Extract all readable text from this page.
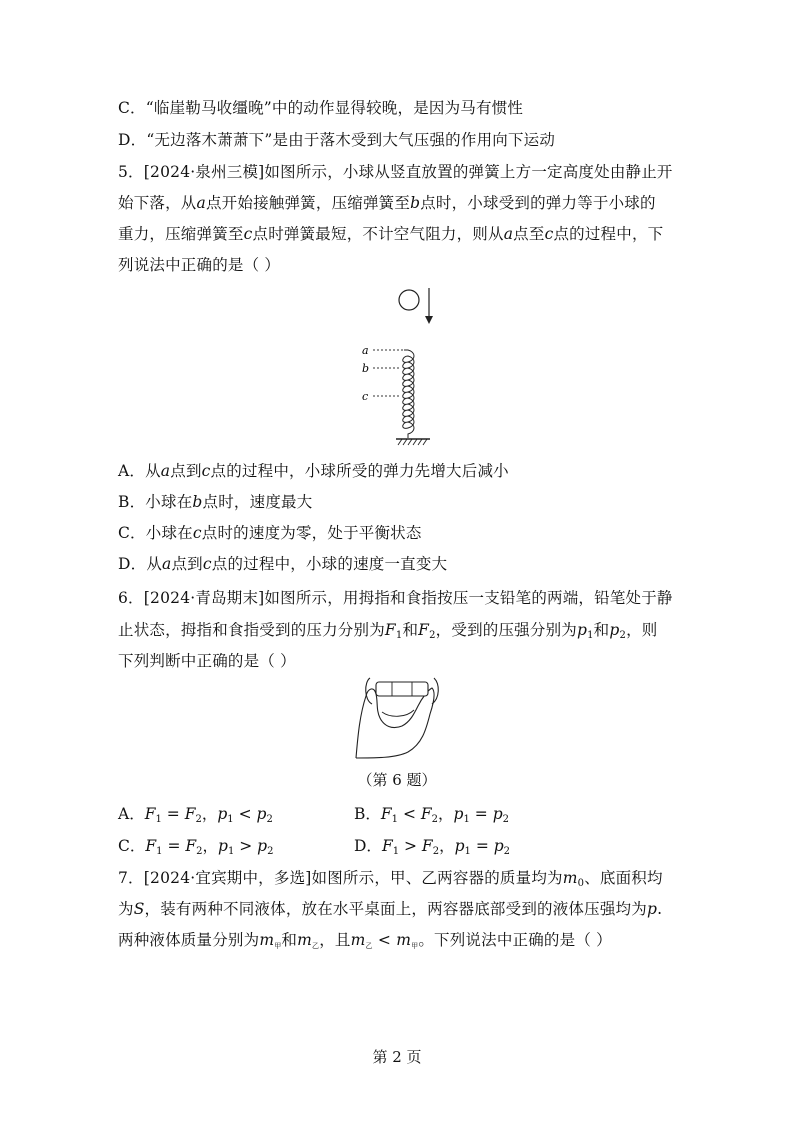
C．“临崖勒马收缰晚”中的动作显得较晚，是因为马有惯性
D．“无边落木萧萧下”是由于落木受到大气压强的作用向下运动
5．[2024·泉州三模]如图所示，小球从竖直放置的弹簧上方一定高度处由静止开
始下落，从a点开始接触弹簧，压缩弹簧至b点时，小球受到的弹力等于小球的
重力，压缩弹簧至c点时弹簧最短，不计空气阻力，则从a点至c点的过程中，下
列说法中正确的是（ ）
a
b
c
A．从a点到c点的过程中，小球所受的弹力先增大后减小
B．小球在b点时，速度最大
C．小球在c点时的速度为零，处于平衡状态
D．从a点到c点的过程中，小球的速度一直变大
6．[2024·青岛期末]如图所示，用拇指和食指按压一支铅笔的两端，铅笔处于静
止状态，拇指和食指受到的压力分别为$F_1$和$F_2$，受到的压强分别为$p_1$和$p_2$，则
下列判断中正确的是（ ）
（第 6 题）
A．$F_1 = F_2$，$p_1 < p_2$	B．$F_1 < F_2$，$p_1 = p_2$
C．$F_1 = F_2$，$p_1 > p_2$	D．$F_1 > F_2$，$p_1 = p_2$
7．[2024·宜宾期中，多选]如图所示，甲、乙两容器的质量均为$m_0$、底面积均
为S，装有两种不同液体，放在水平桌面上，两容器底部受到的液体压强均为p.
两种液体质量分别为$m_甲$和$m_乙$，且$m_乙 < m_甲$。下列说法中正确的是（ ）
第 2 页
